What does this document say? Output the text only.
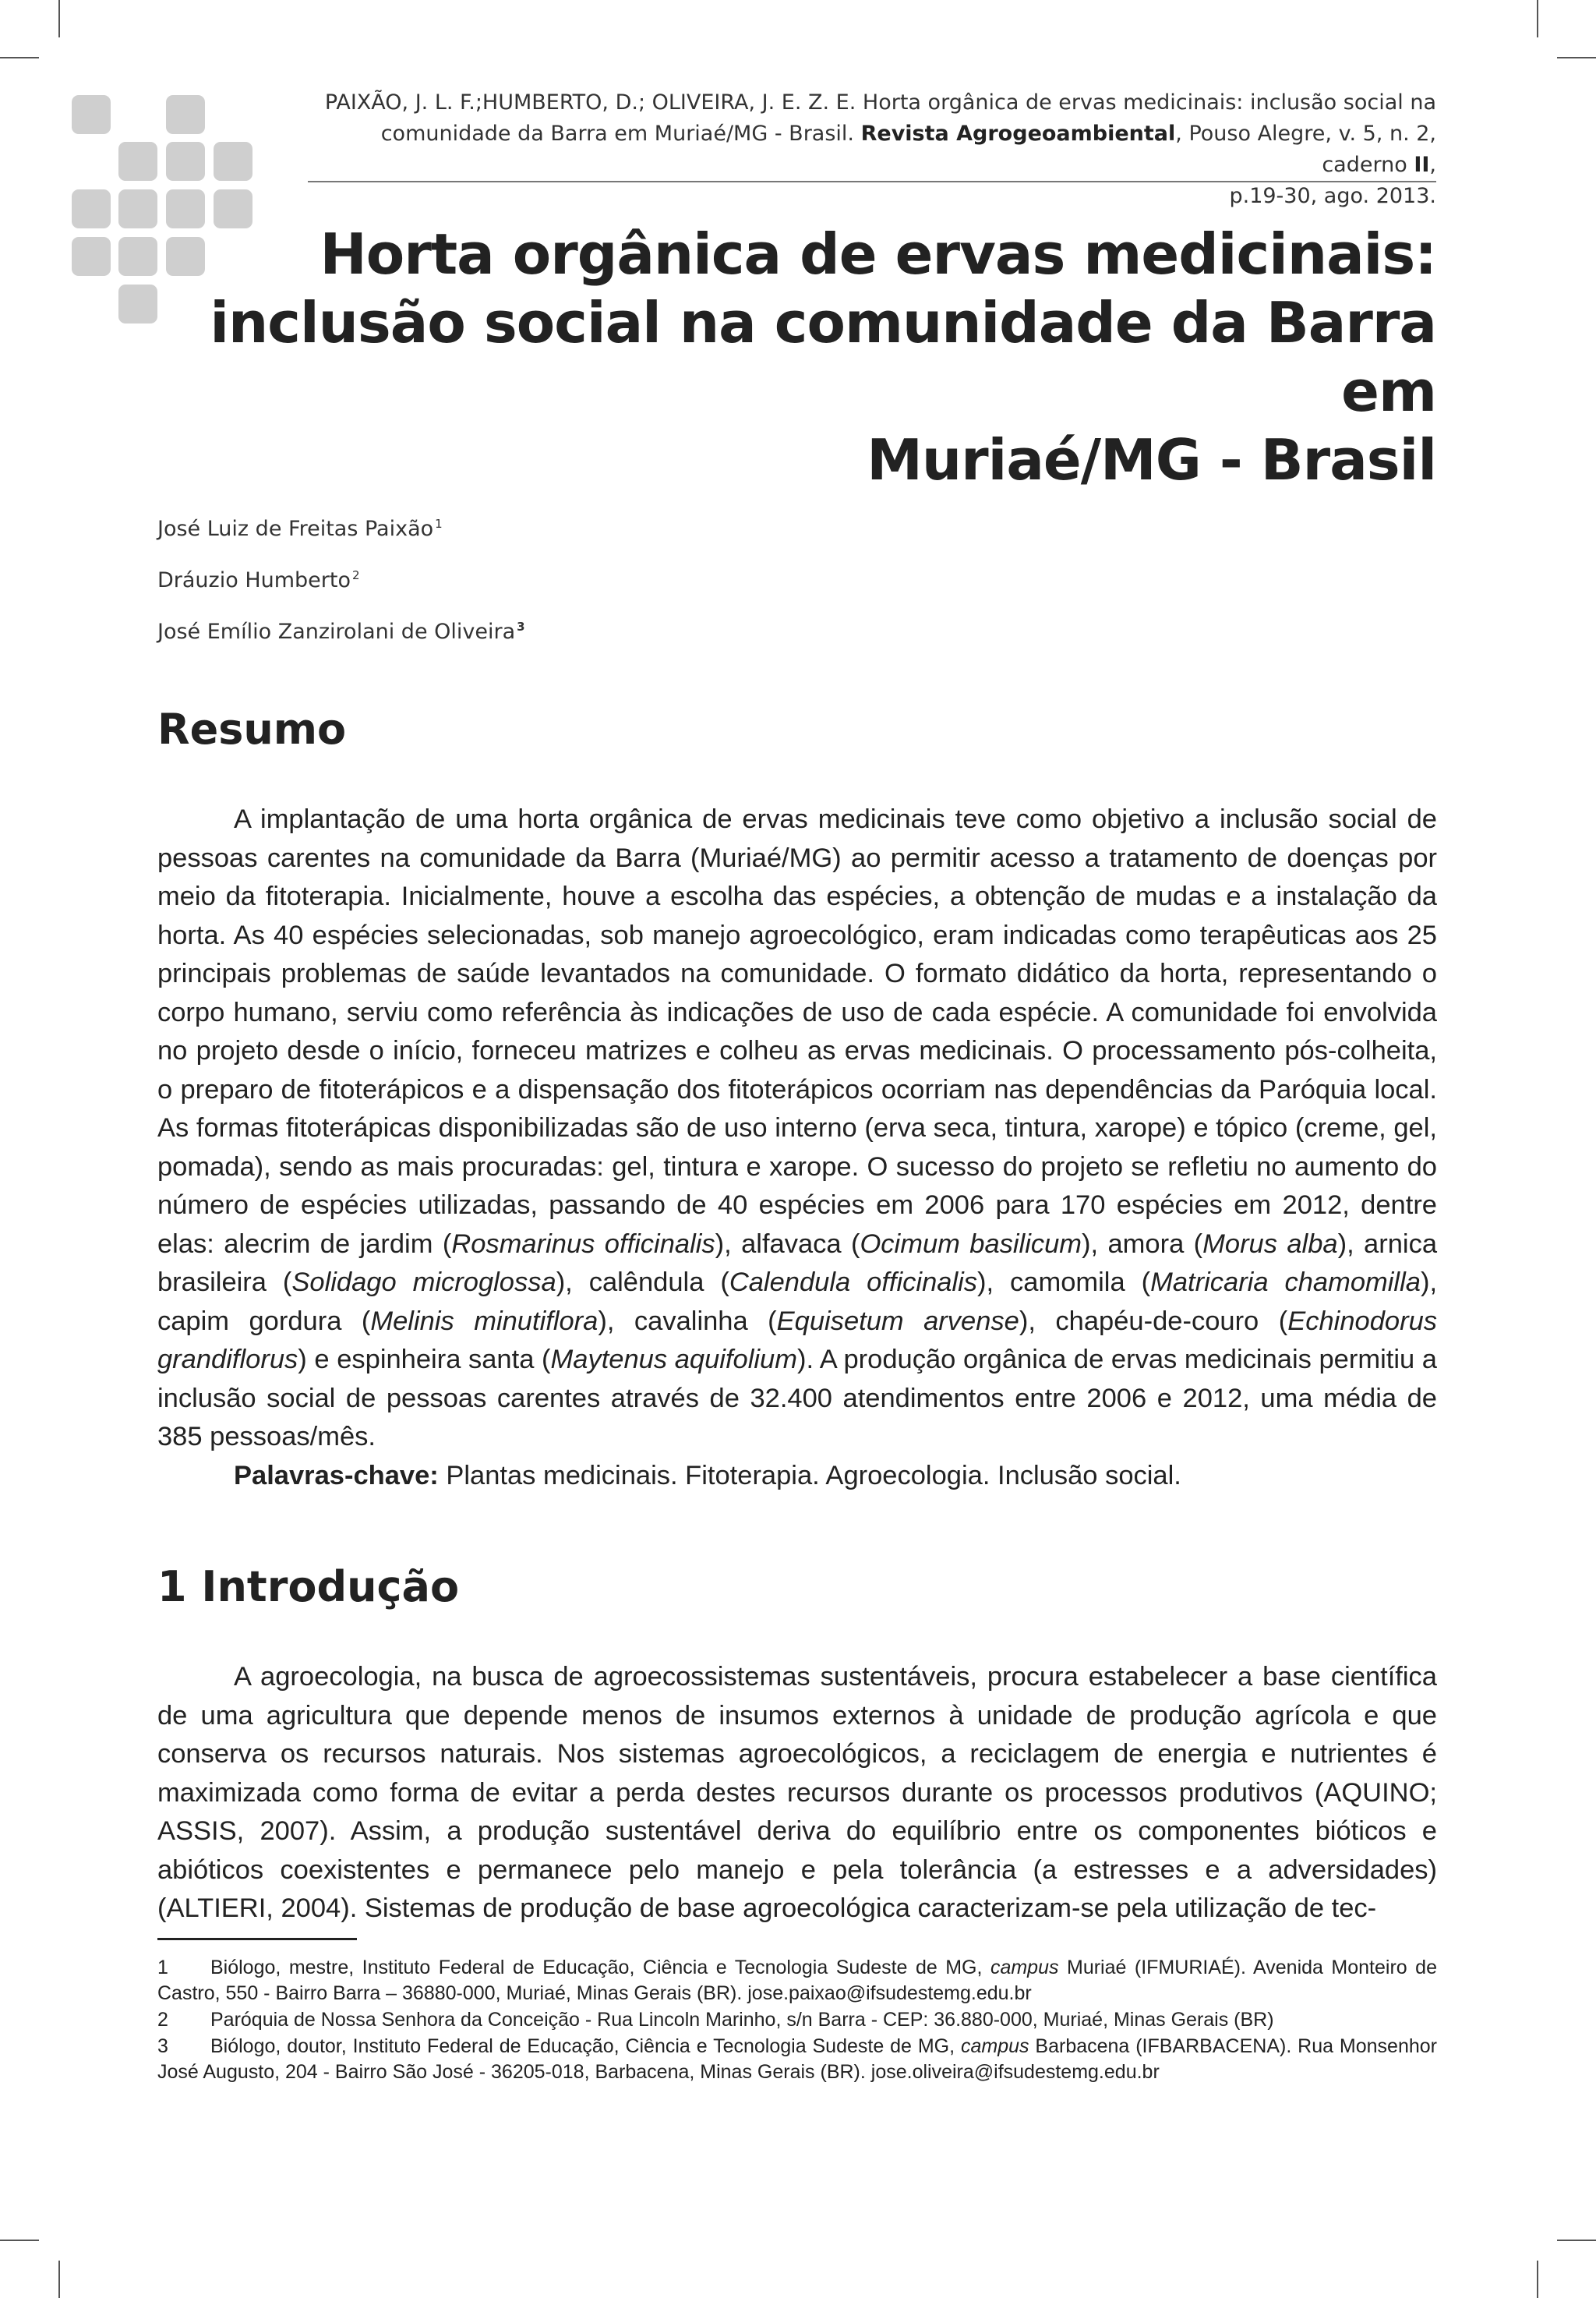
PAIXÃO, J. L. F.;HUMBERTO, D.; OLIVEIRA, J. E. Z. E. Horta orgânica de ervas medicinais: inclusão social na
comunidade da Barra em Muriaé/MG - Brasil. Revista Agrogeoambiental, Pouso Alegre, v. 5, n. 2, caderno II,
p.19-30, ago. 2013.
Horta orgânica de ervas medicinais:
inclusão social na comunidade da Barra em
Muriaé/MG - Brasil
José Luiz de Freitas Paixão $^1$
Dráuzio Humberto $^2$
José Emílio Zanzirolani de Oliveira $^3$
Resumo

A implantação de uma horta orgânica de ervas medicinais teve como objetivo a inclusão social de pessoas carentes na comunidade da Barra (Muriaé/MG) ao permitir acesso a tratamento de doenças por meio da fitoterapia. Inicialmente, houve a escolha das espécies, a obtenção de mudas e a instalação da horta. As 40 espécies selecionadas, sob manejo agroecológico, eram indicadas como terapêuticas aos 25 principais problemas de saúde levantados na comunidade. O formato didático da horta, representando o corpo humano, serviu como referência às indicações de uso de cada espécie. A comunidade foi envolvida no projeto desde o início, forneceu matrizes e colheu as ervas medicinais. O processamento pós-colheita, o preparo de fitoterápicos e a dispensação dos fitoterápicos ocorriam nas dependências da Paróquia local. As formas fitoterápicas disponibilizadas são de uso interno (erva seca, tintura, xarope) e tópico (creme, gel, pomada), sendo as mais procuradas: gel, tintura e xarope. O sucesso do projeto se refletiu no aumento do número de espécies utilizadas, passando de 40 espécies em 2006 para 170 espécies em 2012, dentre elas: alecrim de jardim (Rosmarinus officinalis), alfavaca (Ocimum basilicum), amora (Morus alba), arnica brasileira (Solidago microglossa), calêndula (Calendula officinalis), camomila (Matricaria chamomilla), capim gordura (Melinis minutiflora), cavalinha (Equisetum arvense), chapéu-de-couro (Echinodorus grandiflorus) e espinheira santa (Maytenus aquifolium). A produção orgânica de ervas medicinais permitiu a inclusão social de pessoas carentes através de 32.400 atendimentos entre 2006 e 2012, uma média de 385 pessoas/mês.

Palavras-chave: Plantas medicinais. Fitoterapia. Agroecologia. Inclusão social.

1 Introdução

A agroecologia, na busca de agroecossistemas sustentáveis, procura estabelecer a base científica de uma agricultura que depende menos de insumos externos à unidade de produção agrícola e que conserva os recursos naturais. Nos sistemas agroecológicos, a reciclagem de energia e nutrientes é maximizada como forma de evitar a perda destes recursos durante os processos produtivos (AQUINO; ASSIS, 2007). Assim, a produção sustentável deriva do equilíbrio entre os componentes bióticos e abióticos coexistentes e permanece pelo manejo e pela tolerância (a estresses e a adversidades) (ALTIERI, 2004). Sistemas de produção de base agroecológica caracterizam-se pela utilização de tec-

1 Biólogo, mestre, Instituto Federal de Educação, Ciência e Tecnologia Sudeste de MG, campus Muriaé (IFMURIAÉ). Avenida Monteiro de Castro, 550 - Bairro Barra – 36880-000, Muriaé, Minas Gerais (BR). jose.paixao@ifsudestemg.edu.br

2 Paróquia de Nossa Senhora da Conceição - Rua Lincoln Marinho, s/n Barra - CEP: 36.880-000, Muriaé, Minas Gerais (BR)

3 Biólogo, doutor, Instituto Federal de Educação, Ciência e Tecnologia Sudeste de MG, campus Barbacena (IFBARBACENA). Rua Monsenhor José Augusto, 204 - Bairro São José - 36205-018, Barbacena, Minas Gerais (BR). jose.oliveira@ifsudestemg.edu.br
